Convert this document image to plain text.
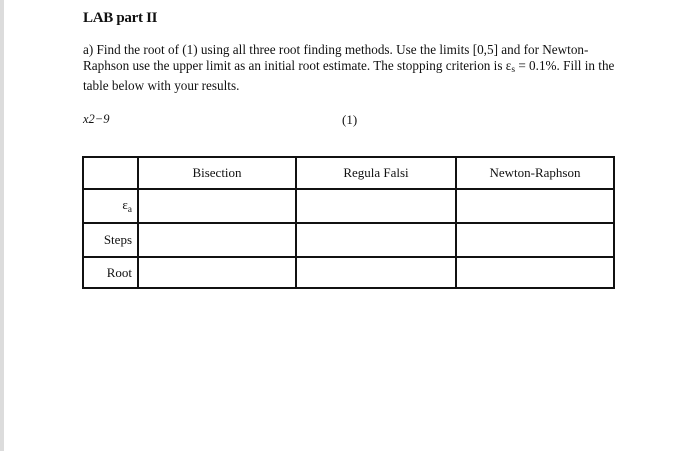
LAB part II
a) Find the root of (1) using all three root finding methods. Use the limits [0,5] and for Newton-Raphson use the upper limit as an initial root estimate. The stopping criterion is $\varepsilon_s = 0.1\%$. Fill in the table below with your results.
x2−9	(1)
	Bisection	Regula Falsi	Newton-Raphson
$\varepsilon_a$			
Steps			
Root			
